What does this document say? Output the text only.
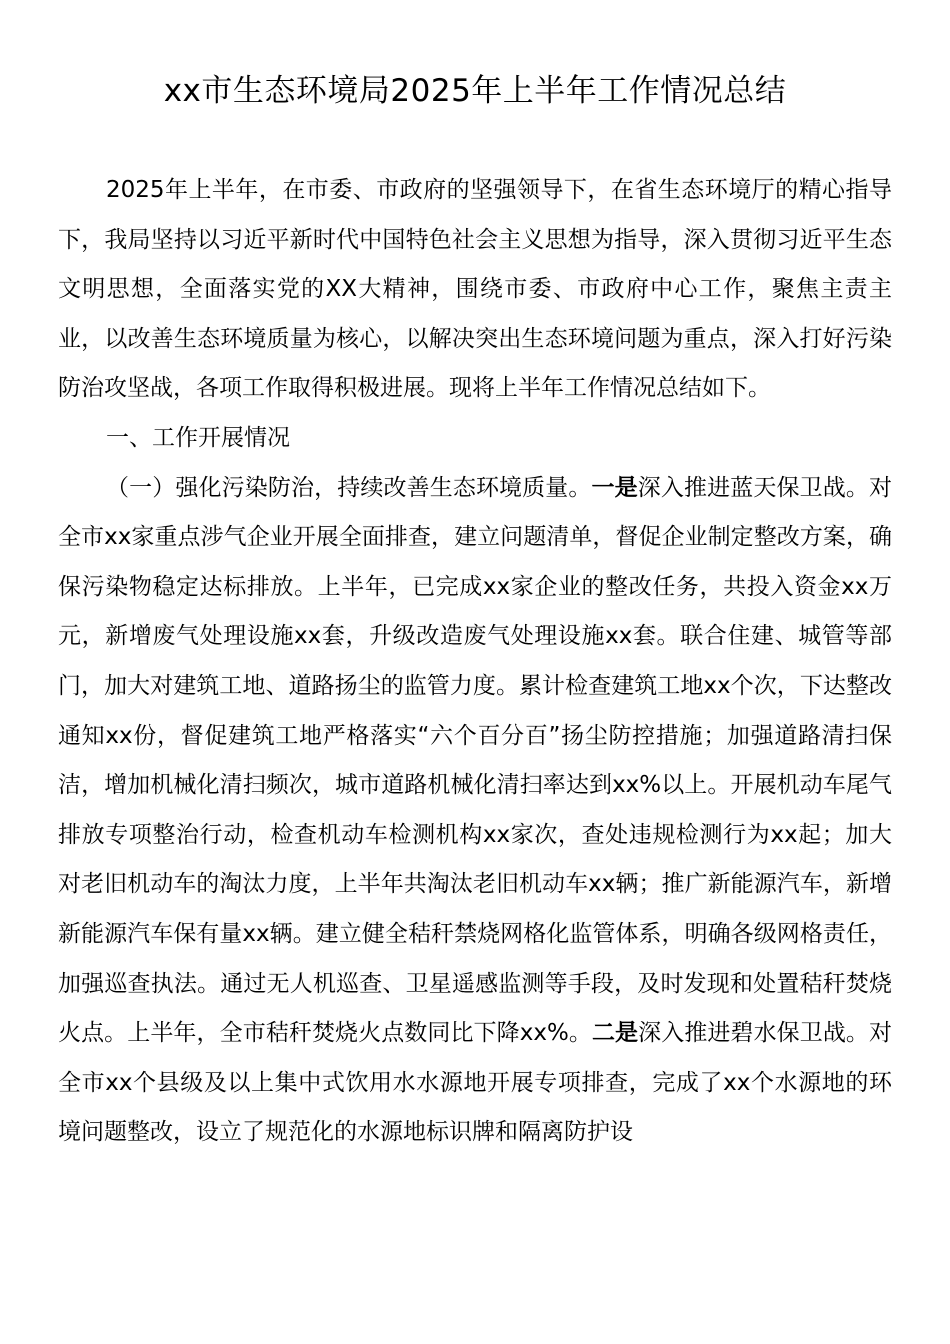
xx市生态环境局2025年上半年工作情况总结

2025年上半年，在市委、市政府的坚强领导下，在省生态环境厅的精心指导下，我局坚持以习近平新时代中国特色社会主义思想为指导，深入贯彻习近平生态文明思想，全面落实党的XX大精神，围绕市委、市政府中心工作，聚焦主责主业，以改善生态环境质量为核心，以解决突出生态环境问题为重点，深入打好污染防治攻坚战，各项工作取得积极进展。现将上半年工作情况总结如下。

一、工作开展情况

（一）强化污染防治，持续改善生态环境质量。一是深入推进蓝天保卫战。对全市xx家重点涉气企业开展全面排查，建立问题清单，督促企业制定整改方案，确保污染物稳定达标排放。上半年，已完成xx家企业的整改任务，共投入资金xx万元，新增废气处理设施xx套，升级改造废气处理设施xx套。联合住建、城管等部门，加大对建筑工地、道路扬尘的监管力度。累计检查建筑工地xx个次，下达整改通知xx份，督促建筑工地严格落实“六个百分百”扬尘防控措施；加强道路清扫保洁，增加机械化清扫频次，城市道路机械化清扫率达到xx%以上。开展机动车尾气排放专项整治行动，检查机动车检测机构xx家次，查处违规检测行为xx起；加大对老旧机动车的淘汰力度，上半年共淘汰老旧机动车xx辆；推广新能源汽车，新增新能源汽车保有量xx辆。建立健全秸秆禁烧网格化监管体系，明确各级网格责任，加强巡查执法。通过无人机巡查、卫星遥感监测等手段，及时发现和处置秸秆焚烧火点。上半年，全市秸秆焚烧火点数同比下降xx%。二是深入推进碧水保卫战。对全市xx个县级及以上集中式饮用水水源地开展专项排查，完成了xx个水源地的环境问题整改，设立了规范化的水源地标识牌和隔离防护设
